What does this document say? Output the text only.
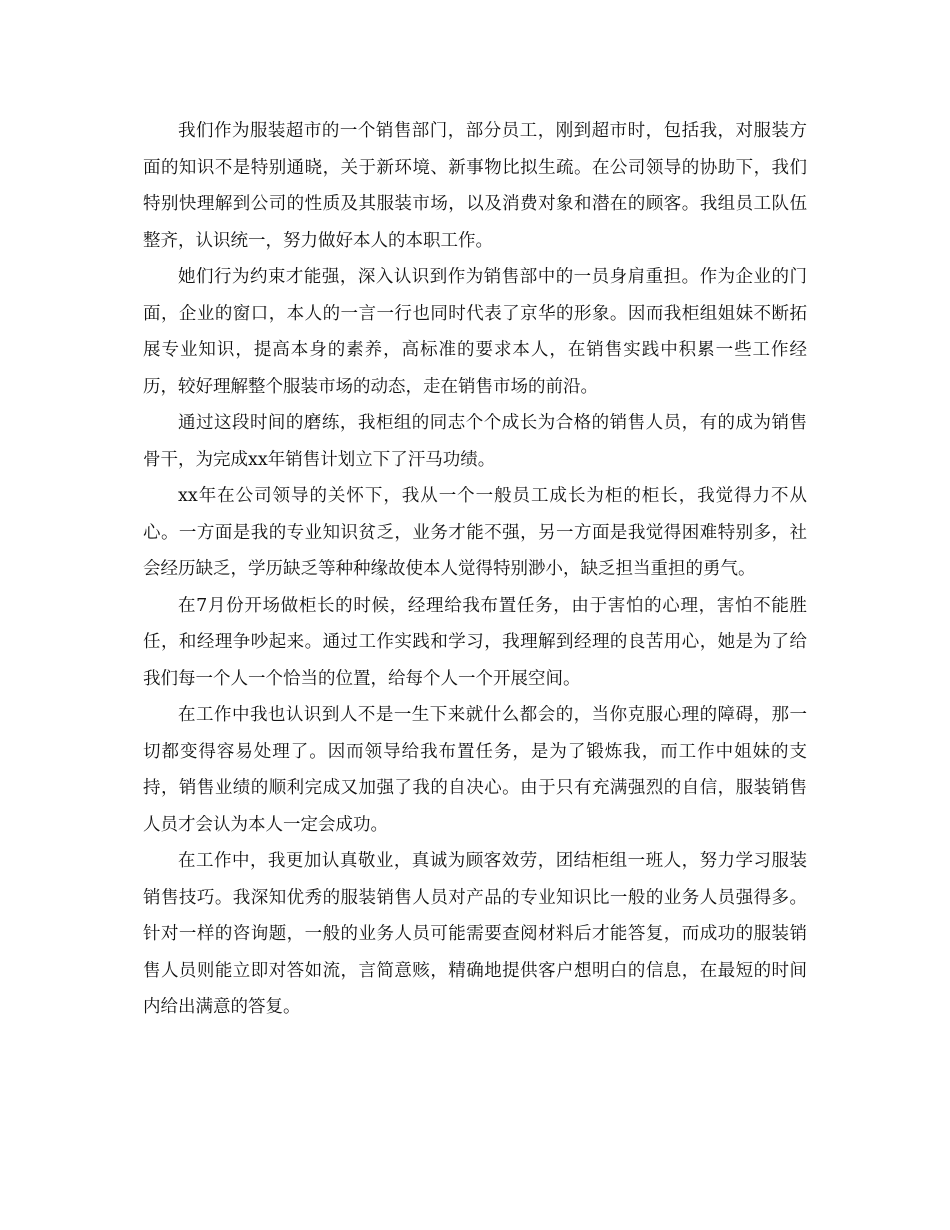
我们作为服装超市的一个销售部门，部分员工，刚到超市时，包括我，对服装方面的知识不是特别通晓，关于新环境、新事物比拟生疏。在公司领导的协助下，我们特别快理解到公司的性质及其服装市场，以及消费对象和潜在的顾客。我组员工队伍整齐，认识统一，努力做好本人的本职工作。

她们行为约束才能强，深入认识到作为销售部中的一员身肩重担。作为企业的门面，企业的窗口，本人的一言一行也同时代表了京华的形象。因而我柜组姐妹不断拓展专业知识，提高本身的素养，高标准的要求本人，在销售实践中积累一些工作经历，较好理解整个服装市场的动态，走在销售市场的前沿。

通过这段时间的磨练，我柜组的同志个个成长为合格的销售人员，有的成为销售骨干，为完成xx年销售计划立下了汗马功绩。

xx年在公司领导的关怀下，我从一个一般员工成长为柜的柜长，我觉得力不从心。一方面是我的专业知识贫乏，业务才能不强，另一方面是我觉得困难特别多，社会经历缺乏，学历缺乏等种种缘故使本人觉得特别渺小，缺乏担当重担的勇气。

在7月份开场做柜长的时候，经理给我布置任务，由于害怕的心理，害怕不能胜任，和经理争吵起来。通过工作实践和学习，我理解到经理的良苦用心，她是为了给我们每一个人一个恰当的位置，给每个人一个开展空间。

在工作中我也认识到人不是一生下来就什么都会的，当你克服心理的障碍，那一切都变得容易处理了。因而领导给我布置任务，是为了锻炼我，而工作中姐妹的支持，销售业绩的顺利完成又加强了我的自决心。由于只有充满强烈的自信，服装销售人员才会认为本人一定会成功。

在工作中，我更加认真敬业，真诚为顾客效劳，团结柜组一班人，努力学习服装销售技巧。我深知优秀的服装销售人员对产品的专业知识比一般的业务人员强得多。针对一样的咨询题，一般的业务人员可能需要查阅材料后才能答复，而成功的服装销售人员则能立即对答如流，言简意赅，精确地提供客户想明白的信息，在最短的时间内给出满意的答复。
